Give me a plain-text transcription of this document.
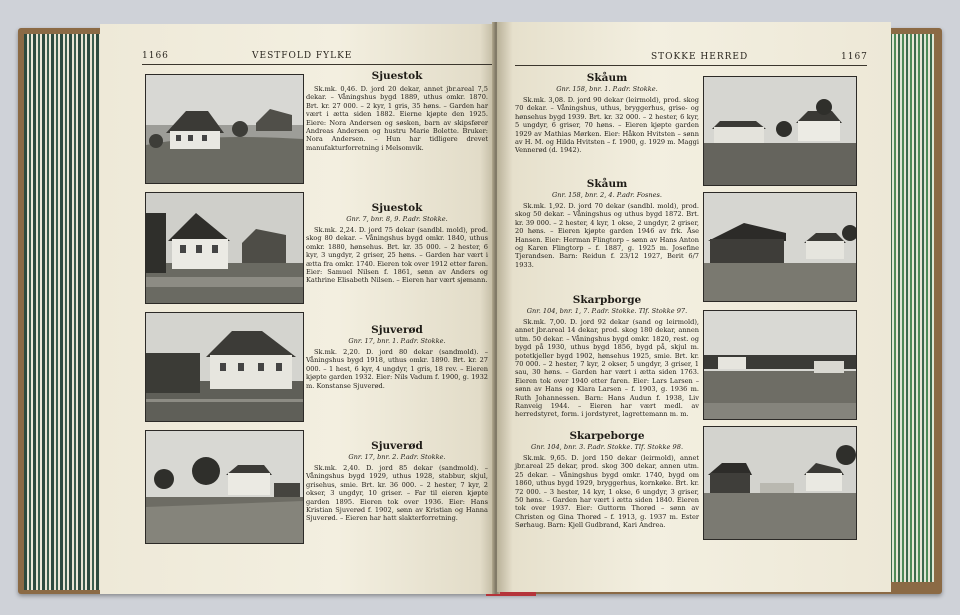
1166	VESTFOLD FYLKE

Sjuestok

Sk.mk. 0,46. D. jord 20 dekar, annet jbr.areal 7,5 dekar. – Våningshus bygd 1889, uthus omkr. 1870. Brt. kr. 27 000. – 2 kyr, 1 gris, 35 høns. – Garden har vært i ætta siden 1882. Eierne kjøpte den 1925. Eiere: Nora Andersen og søsken, barn av skipsfører Andreas Andersen og hustru Marie Bolette. Bruker: Nora Andersen. – Hun har tidligere drevet manufakturforretning i Melsomvik.

Sjuestok

Gnr. 7, bnr. 8, 9. P.adr. Stokke.

Sk.mk. 2,24. D. jord 75 dekar (sandbl. mold), prod. skog 80 dekar. – Våningshus bygd omkr. 1840, uthus omkr. 1880, hønsehus. Brt. kr. 35 000. – 2 hester, 6 kyr, 3 ungdyr, 2 griser, 25 høns. – Garden har vært i ætta fra omkr. 1740. Eieren tok over 1912 etter faren. Eier: Samuel Nilsen f. 1861, sønn av Anders og Kathrine Elisabeth Nilsen. – Eieren har vært sjømann.

Sjuverød

Gnr. 17, bnr. 1. P.adr. Stokke.

Sk.mk. 2,20. D. jord 80 dekar (sandmold). – Våningshus bygd 1918, uthus omkr. 1890. Brt. kr. 27 000. – 1 hest, 6 kyr, 4 ungdyr, 1 gris, 18 rev. – Eieren kjøpte garden 1932. Eier: Nils Vadum f. 1900, g. 1932 m. Konstanse Sjuverød.

Sjuverød

Gnr. 17, bnr. 2. P.adr. Stokke.

Sk.mk. 2,40. D. jord 85 dekar (sandmold). – Våningshus bygd 1929, uthus 1928, stabbur, skjul, grisehus, smie. Brt. kr. 36 000. – 2 hester, 7 kyr, 2 okser, 3 ungdyr, 10 griser. – Far til eieren kjøpte garden 1895. Eieren tok over 1936. Eier: Hans Kristian Sjuverød f. 1902, sønn av Kristian og Hanna Sjuverød. – Eieren har hatt slakterforretning.

STOKKE HERRED	1167

Skåum

Gnr. 158, bnr. 1. P.adr. Stokke.

Sk.mk. 3,08. D. jord 90 dekar (leirmold), prod. skog 70 dekar. – Våningshus, uthus, bryggerhus, grise- og hønsehus bygd 1939. Brt. kr. 32 000. – 2 hester, 6 kyr, 5 ungdyr, 6 griser, 70 høns. – Eieren kjøpte garden 1929 av Mathias Mørken. Eier: Håkon Hvitsten – sønn av H. M. og Hilda Hvitsten – f. 1900, g. 1929 m. Maggi Vennerød (d. 1942).

Skåum

Gnr. 158, bnr. 2, 4. P.adr. Fosnes.

Sk.mk. 1,92. D. jord 70 dekar (sandbl. mold), prod. skog 50 dekar. – Våningshus og uthus bygd 1872. Brt. kr. 39 000. – 2 hester, 4 kyr, 1 okse, 2 ungdyr, 2 griser, 20 høns. – Eieren kjøpte garden 1946 av frk. Åse Hansen. Eier: Herman Flingtorp – sønn av Hans Anton og Karen Flingtorp – f. 1887, g. 1925 m. Josefine Tjerandsen. Barn: Reidun f. 23/12 1927, Berit 6/7 1933.

Skarpborge

Gnr. 104, bnr. 1, 7. P.adr. Stokke. Tlf. Stokke 97.

Sk.mk. 7,00. D. jord 92 dekar (sand og leirmold), annet jbr.areal 14 dekar, prod. skog 180 dekar, annen utm. 50 dekar. – Våningshus bygd omkr. 1820, rest. og bygd på 1930, uthus bygd 1856, bygd på, skjul m. potetkjeller bygd 1902, hønsehus 1925, smie. Brt. kr. 70 000. – 2 hester, 7 kyr, 2 okser, 5 ungdyr, 3 griser, 1 sau, 30 høns. – Garden har vært i ætta siden 1763. Eieren tok over 1940 etter faren. Eier: Lars Larsen – sønn av Hans og Klara Larsen – f. 1903, g. 1936 m. Ruth Johannessen. Barn: Hans Audun f. 1938, Liv Ranveig 1944. – Eieren har vært medl. av herredstyret, form. i jordstyret, lagrettemann m. m.

Skarpeborge

Gnr. 104, bnr. 3. P.adr. Stokke. Tlf. Stokke 98.

Sk.mk. 9,65. D. jord 150 dekar (leirmold), annet jbr.areal 25 dekar, prod. skog 300 dekar, annen utm. 25 dekar. – Våningshus bygd omkr. 1740, bygd om 1860, uthus bygd 1929, bryggerhus, kornkøke. Brt. kr. 72 000. – 3 hester, 14 kyr, 1 okse, 6 ungdyr, 3 griser, 50 høns. – Garden har vært i ætta siden 1840. Eieren tok over 1937. Eier: Guttorm Thorød – sønn av Christen og Gina Thorød – f. 1913, g. 1937 m. Ester Sørhaug. Barn: Kjell Gudbrand, Kari Andrea.
